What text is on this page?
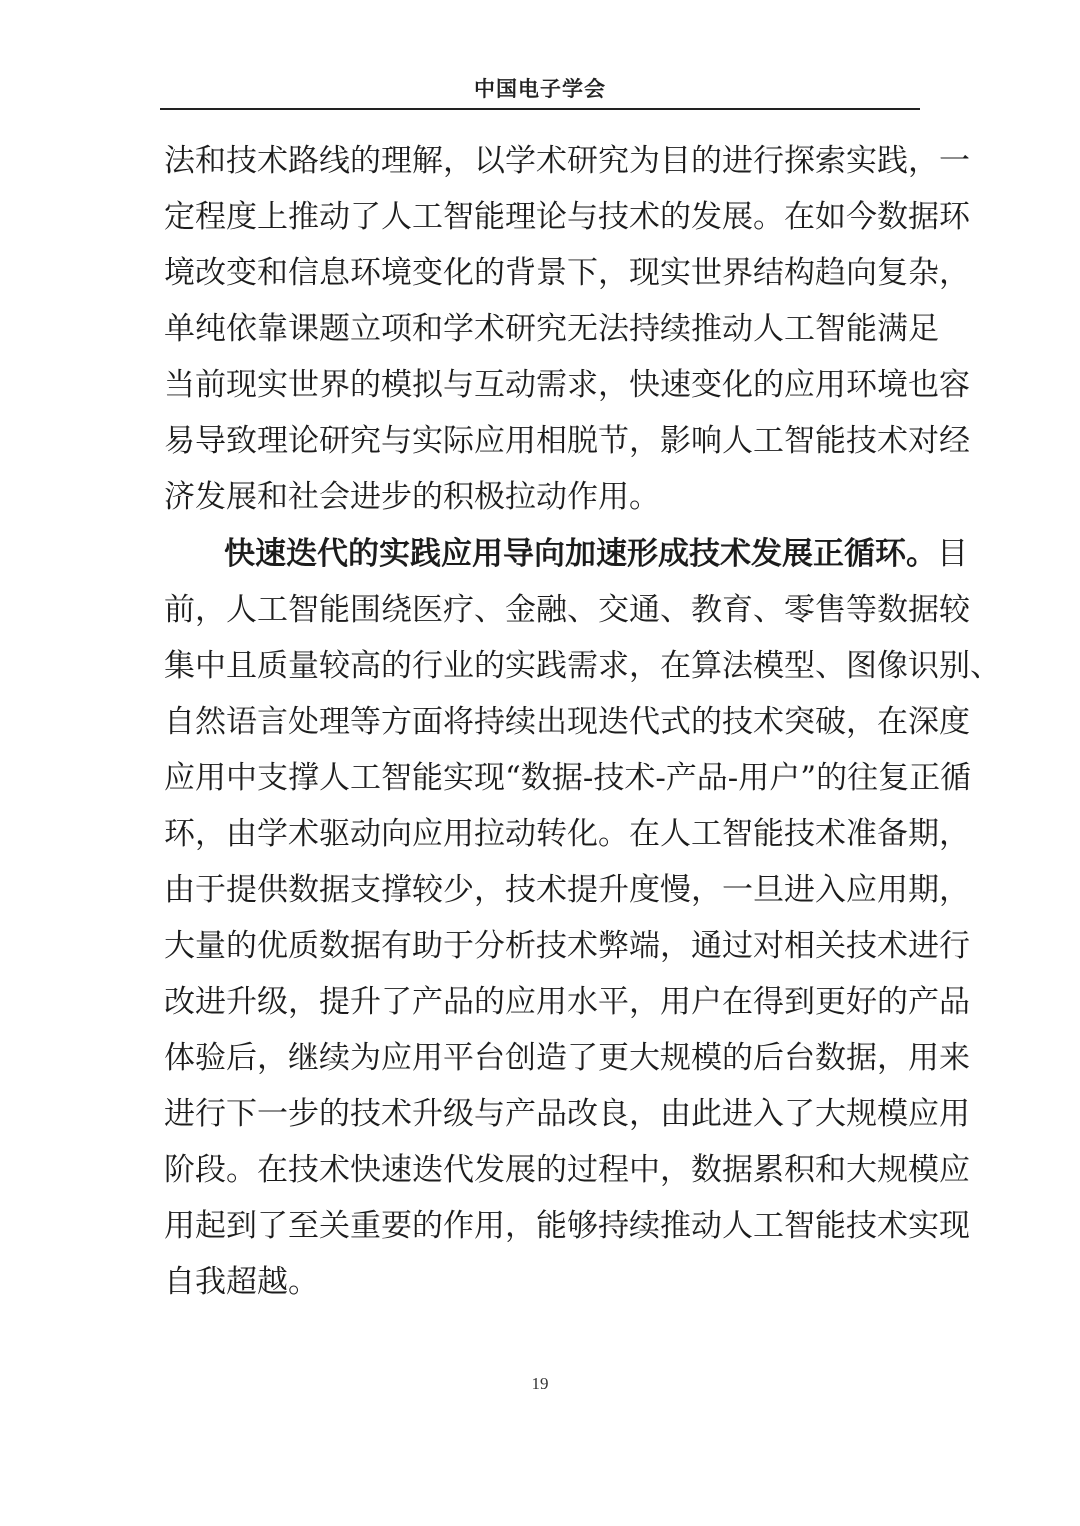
中国电子学会
法和技术路线的理解，以学术研究为目的进行探索实践，一
定程度上推动了人工智能理论与技术的发展。在如今数据环
境改变和信息环境变化的背景下，现实世界结构趋向复杂，
单纯依靠课题立项和学术研究无法持续推动人工智能满足
当前现实世界的模拟与互动需求，快速变化的应用环境也容
易导致理论研究与实际应用相脱节，影响人工智能技术对经
济发展和社会进步的积极拉动作用。
快速迭代的实践应用导向加速形成技术发展正循环。目
前，人工智能围绕医疗、金融、交通、教育、零售等数据较
集中且质量较高的行业的实践需求，在算法模型、图像识别、
自然语言处理等方面将持续出现迭代式的技术突破，在深度
应用中支撑人工智能实现“数据-技术-产品-用户”的往复正循
环，由学术驱动向应用拉动转化。在人工智能技术准备期，
由于提供数据支撑较少，技术提升度慢，一旦进入应用期，
大量的优质数据有助于分析技术弊端，通过对相关技术进行
改进升级，提升了产品的应用水平，用户在得到更好的产品
体验后，继续为应用平台创造了更大规模的后台数据，用来
进行下一步的技术升级与产品改良，由此进入了大规模应用
阶段。在技术快速迭代发展的过程中，数据累积和大规模应
用起到了至关重要的作用，能够持续推动人工智能技术实现
自我超越。
19
